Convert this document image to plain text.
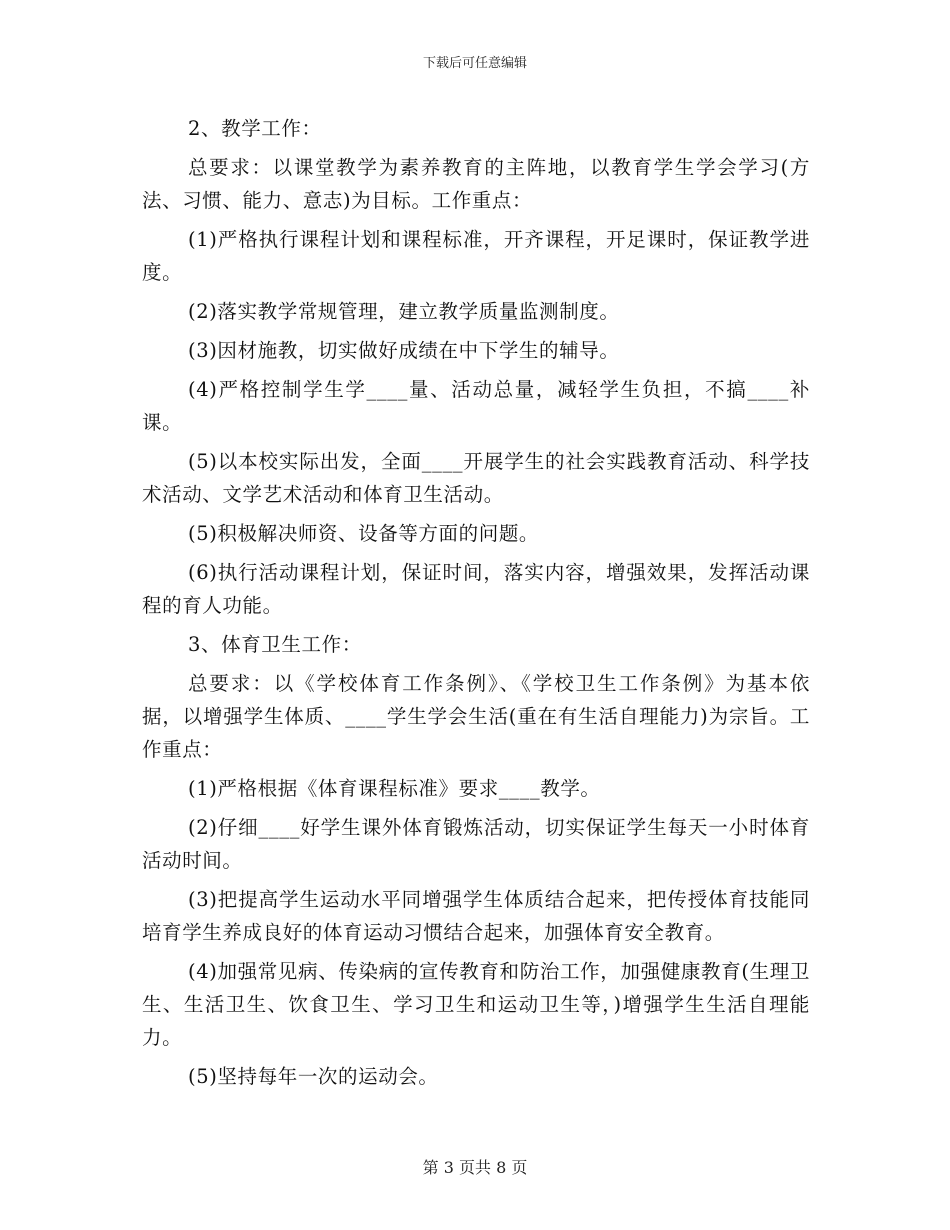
下载后可任意编辑

2、教学工作：

总要求：以课堂教学为素养教育的主阵地，以教育学生学会学习(方法、习惯、能力、意志)为目标。工作重点：

(1)严格执行课程计划和课程标准，开齐课程，开足课时，保证教学进度。

(2)落实教学常规管理，建立教学质量监测制度。

(3)因材施教，切实做好成绩在中下学生的辅导。

(4)严格控制学生学____量、活动总量，减轻学生负担，不搞____补课。

(5)以本校实际出发，全面____开展学生的社会实践教育活动、科学技术活动、文学艺术活动和体育卫生活动。

(5)积极解决师资、设备等方面的问题。

(6)执行活动课程计划，保证时间，落实内容，增强效果，发挥活动课程的育人功能。

3、体育卫生工作：

总要求：以《学校体育工作条例》、《学校卫生工作条例》为基本依据，以增强学生体质、____学生学会生活(重在有生活自理能力)为宗旨。工作重点：

(1)严格根据《体育课程标准》要求____教学。

(2)仔细____好学生课外体育锻炼活动，切实保证学生每天一小时体育活动时间。

(3)把提高学生运动水平同增强学生体质结合起来，把传授体育技能同培育学生养成良好的体育运动习惯结合起来，加强体育安全教育。

(4)加强常见病、传染病的宣传教育和防治工作，加强健康教育(生理卫生、生活卫生、饮食卫生、学习卫生和运动卫生等，)增强学生生活自理能力。

(5)坚持每年一次的运动会。

第 3 页共 8 页
